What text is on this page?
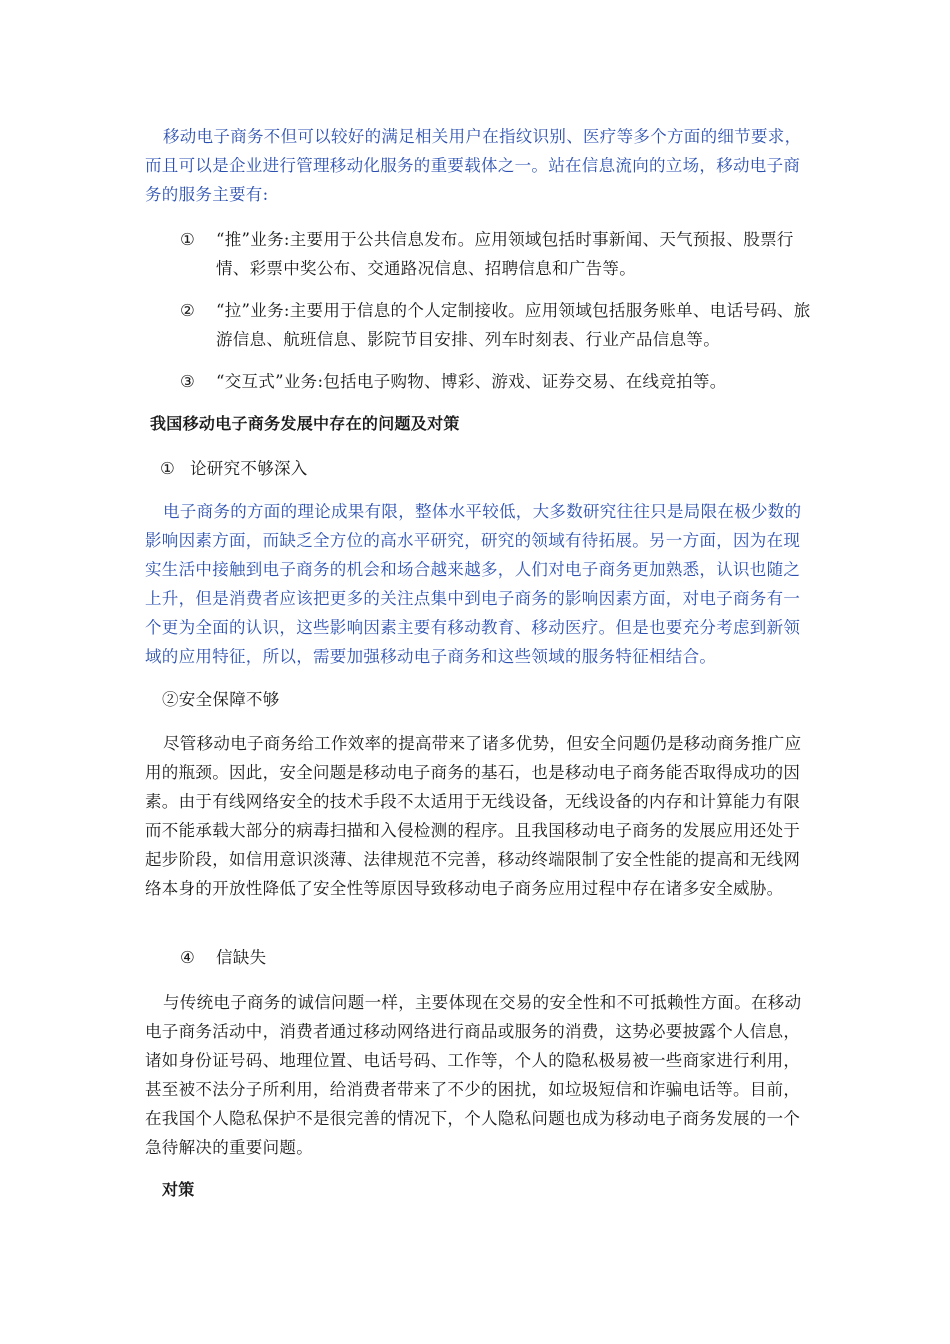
移动电子商务不但可以较好的满足相关用户在指纹识别、医疗等多个方面的细节要求，而且可以是企业进行管理移动化服务的重要载体之一。站在信息流向的立场，移动电子商务的服务主要有:
① “推”业务:主要用于公共信息发布。应用领域包括时事新闻、天气预报、股票行情、彩票中奖公布、交通路况信息、招聘信息和广告等。
② “拉”业务:主要用于信息的个人定制接收。应用领域包括服务账单、电话号码、旅游信息、航班信息、影院节目安排、列车时刻表、行业产品信息等。
③ “交互式”业务:包括电子购物、博彩、游戏、证券交易、在线竞拍等。
我国移动电子商务发展中存在的问题及对策
① 论研究不够深入
电子商务的方面的理论成果有限，整体水平较低，大多数研究往往只是局限在极少数的影响因素方面，而缺乏全方位的高水平研究，研究的领域有待拓展。另一方面，因为在现实生活中接触到电子商务的机会和场合越来越多，人们对电子商务更加熟悉，认识也随之上升，但是消费者应该把更多的关注点集中到电子商务的影响因素方面，对电子商务有一个更为全面的认识，这些影响因素主要有移动教育、移动医疗。但是也要充分考虑到新领域的应用特征，所以，需要加强移动电子商务和这些领域的服务特征相结合。
②安全保障不够
尽管移动电子商务给工作效率的提高带来了诸多优势，但安全问题仍是移动商务推广应用的瓶颈。因此，安全问题是移动电子商务的基石，也是移动电子商务能否取得成功的因素。由于有线网络安全的技术手段不太适用于无线设备，无线设备的内存和计算能力有限而不能承载大部分的病毒扫描和入侵检测的程序。且我国移动电子商务的发展应用还处于起步阶段，如信用意识淡薄、法律规范不完善，移动终端限制了安全性能的提高和无线网络本身的开放性降低了安全性等原因导致移动电子商务应用过程中存在诸多安全威胁。
④ 信缺失
与传统电子商务的诚信问题一样，主要体现在交易的安全性和不可抵赖性方面。在移动电子商务活动中，消费者通过移动网络进行商品或服务的消费，这势必要披露个人信息，诸如身份证号码、地理位置、电话号码、工作等，个人的隐私极易被一些商家进行利用，甚至被不法分子所利用，给消费者带来了不少的困扰，如垃圾短信和诈骗电话等。目前，在我国个人隐私保护不是很完善的情况下，个人隐私问题也成为移动电子商务发展的一个急待解决的重要问题。
对策
